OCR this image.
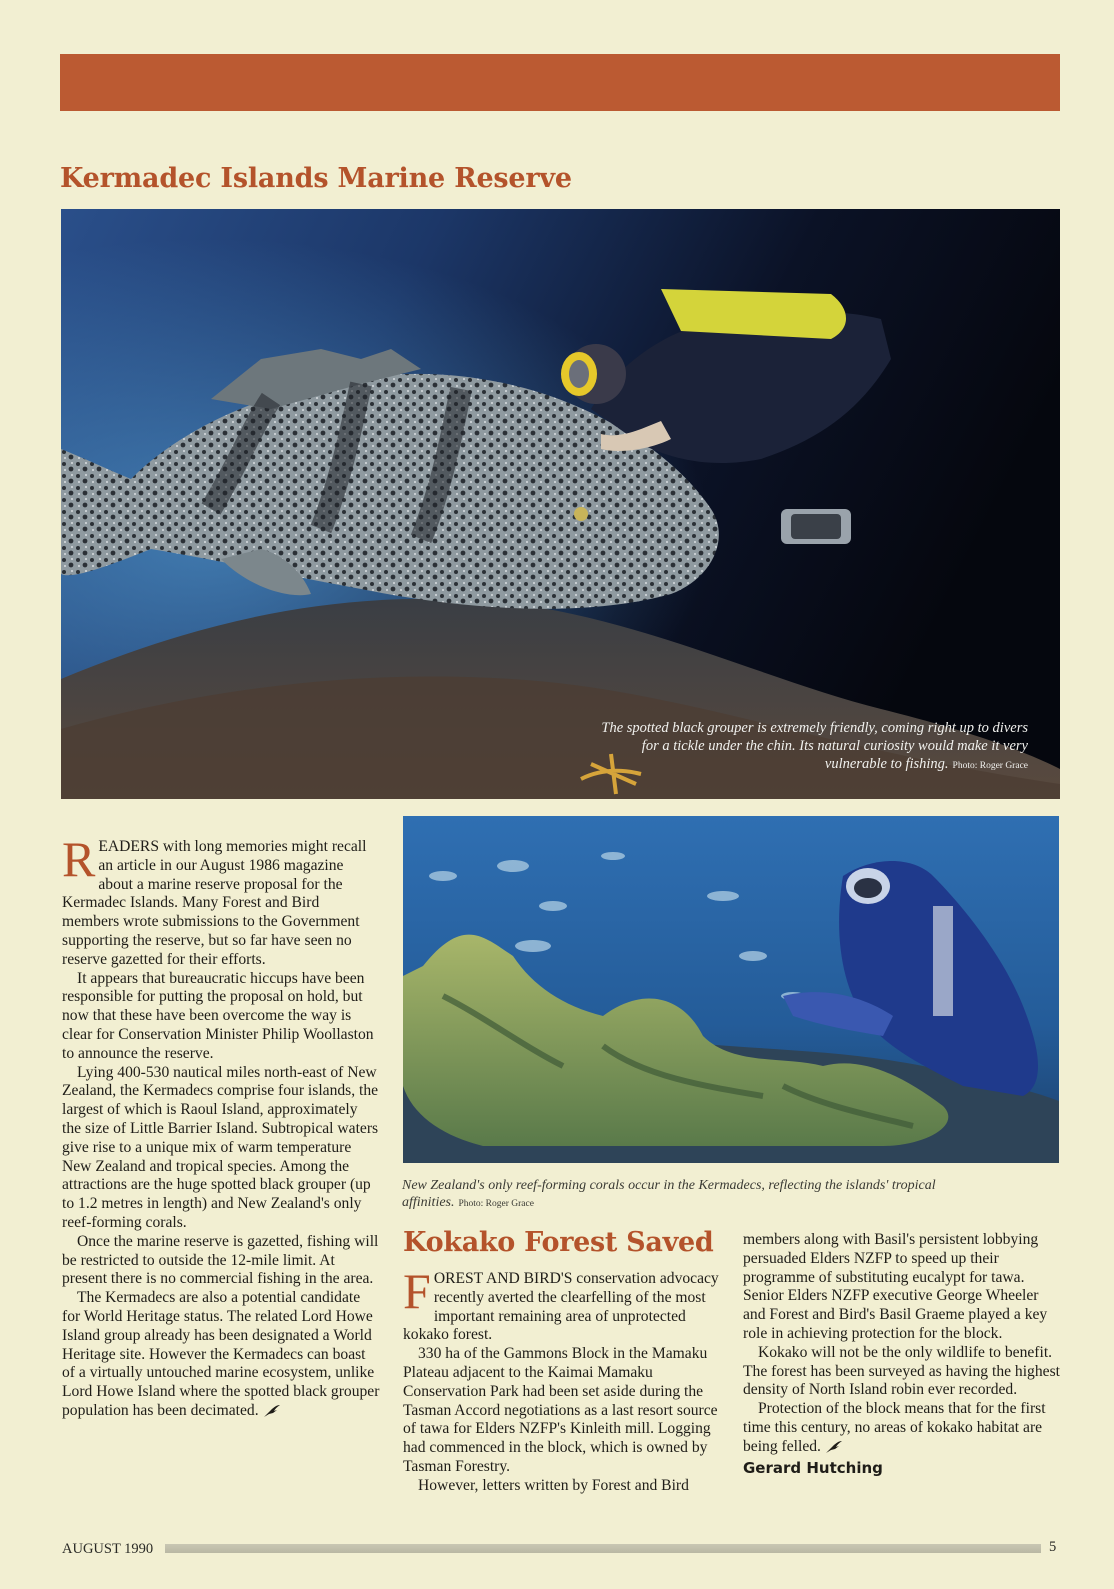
Kermadec Islands Marine Reserve
The spotted black grouper is extremely friendly, coming right up to divers for a tickle under the chin. Its natural curiosity would make it very vulnerable to fishing. Photo: Roger Grace

READERS with long memories might recall an article in our August 1986 magazine about a marine reserve proposal for the Kermadec Islands. Many Forest and Bird members wrote submissions to the Government supporting the reserve, but so far have seen no reserve gazetted for their efforts.

It appears that bureaucratic hiccups have been responsible for putting the proposal on hold, but now that these have been overcome the way is clear for Conservation Minister Philip Woollaston to announce the reserve.

Lying 400-530 nautical miles north-east of New Zealand, the Kermadecs comprise four islands, the largest of which is Raoul Island, approximately the size of Little Barrier Island. Subtropical waters give rise to a unique mix of warm temperature New Zealand and tropical species. Among the attractions are the huge spotted black grouper (up to 1.2 metres in length) and New Zealand's only reef-forming corals.

Once the marine reserve is gazetted, fishing will be restricted to outside the 12-mile limit. At present there is no commercial fishing in the area.

The Kermadecs are also a potential candidate for World Heritage status. The related Lord Howe Island group already has been designated a World Heritage site. However the Kermadecs can boast of a virtually untouched marine ecosystem, unlike Lord Howe Island where the spotted black grouper population has been decimated.

New Zealand's only reef-forming corals occur in the Kermadecs, reflecting the islands' tropical affinities. Photo: Roger Grace
Kokako Forest Saved

FOREST AND BIRD'S conservation advocacy recently averted the clearfelling of the most important remaining area of unprotected kokako forest.

330 ha of the Gammons Block in the Mamaku Plateau adjacent to the Kaimai Mamaku Conservation Park had been set aside during the Tasman Accord negotiations as a last resort source of tawa for Elders NZFP's Kinleith mill. Logging had commenced in the block, which is owned by Tasman Forestry.

However, letters written by Forest and Bird

members along with Basil's persistent lobbying persuaded Elders NZFP to speed up their programme of substituting eucalypt for tawa. Senior Elders NZFP executive George Wheeler and Forest and Bird's Basil Graeme played a key role in achieving protection for the block.

Kokako will not be the only wildlife to benefit. The forest has been surveyed as having the highest density of North Island robin ever recorded.

Protection of the block means that for the first time this century, no areas of kokako habitat are being felled.

Gerard Hutching
AUGUST 1990	5
